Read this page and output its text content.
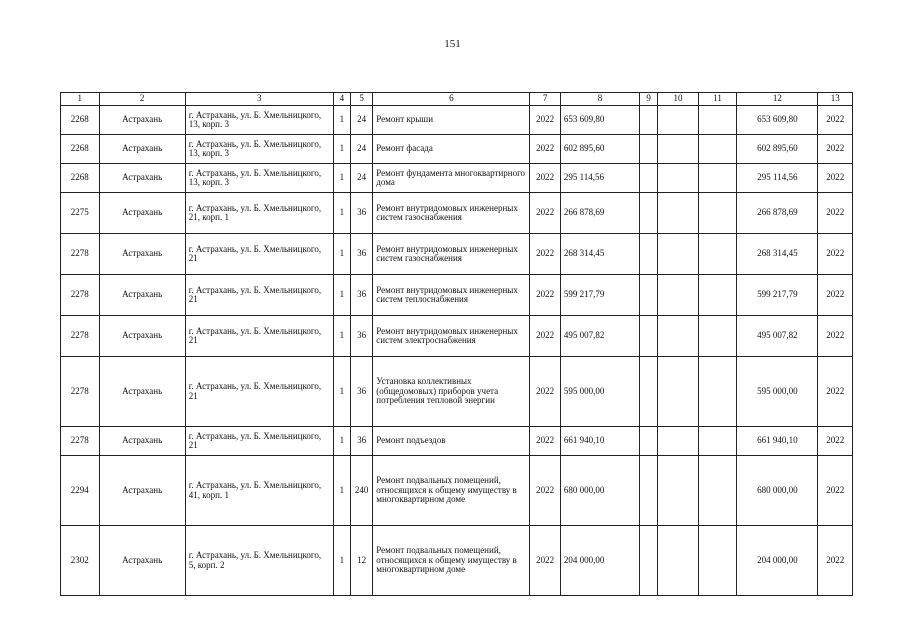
151
1	2	3	4	5	6	7	8	9	10	11	12	13
2268	Астрахань	г. Астрахань, ул. Б. Хмельницкого, 13, корп. 3	1	24	Ремонт крыши	2022	653 609,80				653 609,80	2022
2268	Астрахань	г. Астрахань, ул. Б. Хмельницкого, 13, корп. 3	1	24	Ремонт фасада	2022	602 895,60				602 895,60	2022
2268	Астрахань	г. Астрахань, ул. Б. Хмельницкого, 13, корп. 3	1	24	Ремонт фундамента многоквартирного дома	2022	295 114,56				295 114,56	2022
2275	Астрахань	г. Астрахань, ул. Б. Хмельницкого, 21, корп. 1	1	36	Ремонт внутридомовых инженерных систем газоснабжения	2022	266 878,69				266 878,69	2022
2278	Астрахань	г. Астрахань, ул. Б. Хмельницкого, 21	1	36	Ремонт внутридомовых инженерных систем газоснабжения	2022	268 314,45				268 314,45	2022
2278	Астрахань	г. Астрахань, ул. Б. Хмельницкого, 21	1	36	Ремонт внутридомовых инженерных систем теплоснабжения	2022	599 217,79				599 217,79	2022
2278	Астрахань	г. Астрахань, ул. Б. Хмельницкого, 21	1	36	Ремонт внутридомовых инженерных систем электроснабжения	2022	495 007,82				495 007,82	2022
2278	Астрахань	г. Астрахань, ул. Б. Хмельницкого, 21	1	36	Установка коллективных (общедомовых) приборов учета потребления тепловой энергии	2022	595 000,00				595 000,00	2022
2278	Астрахань	г. Астрахань, ул. Б. Хмельницкого, 21	1	36	Ремонт подъездов	2022	661 940,10				661 940,10	2022
2294	Астрахань	г. Астрахань, ул. Б. Хмельницкого, 41, корп. 1	1	240	Ремонт подвальных помещений, относящихся к общему имуществу в многоквартирном доме	2022	680 000,00				680 000,00	2022
2302	Астрахань	г. Астрахань, ул. Б. Хмельницкого, 5, корп. 2	1	12	Ремонт подвальных помещений, относящихся к общему имуществу в многоквартирном доме	2022	204 000,00				204 000,00	2022
